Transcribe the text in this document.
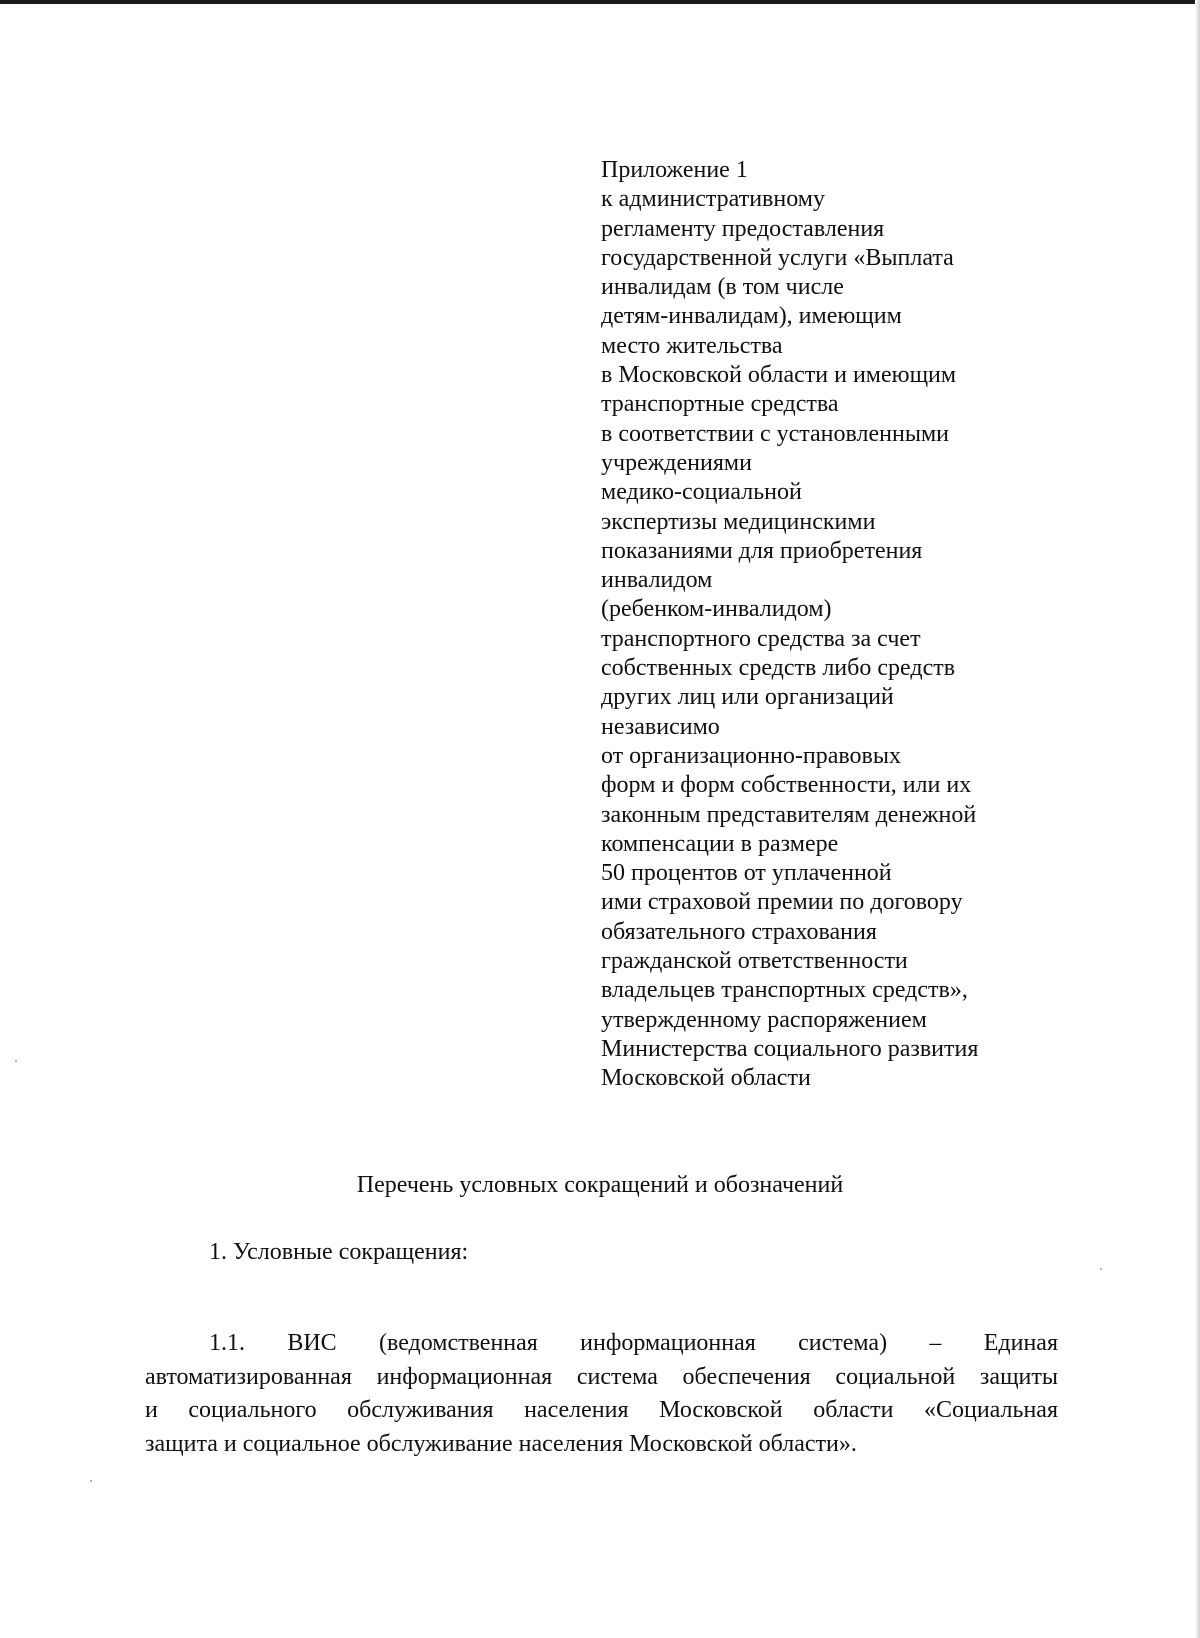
Приложение 1
к административному
регламенту предоставления
государственной услуги «Выплата
инвалидам (в том числе
детям-инвалидам), имеющим
место жительства
в Московской области и имеющим
транспортные средства
в соответствии с установленными
учреждениями
медико-социальной
экспертизы медицинскими
показаниями для приобретения
инвалидом
(ребенком-инвалидом)
транспортного средства за счет
собственных средств либо средств
других лиц или организаций
независимо
от организационно-правовых
форм и форм собственности, или их
законным представителям денежной
компенсации в размере
50 процентов от уплаченной
ими страховой премии по договору
обязательного страхования
гражданской ответственности
владельцев транспортных средств»,
утвержденному распоряжением
Министерства социального развития
Московской области
Перечень условных сокращений и обозначений

1. Условные сокращения:

1.1. ВИС (ведомственная информационная система) – Единая
автоматизированная информационная система обеспечения социальной защиты
и социального обслуживания населения Московской области «Социальная
защита и социальное обслуживание населения Московской области».
